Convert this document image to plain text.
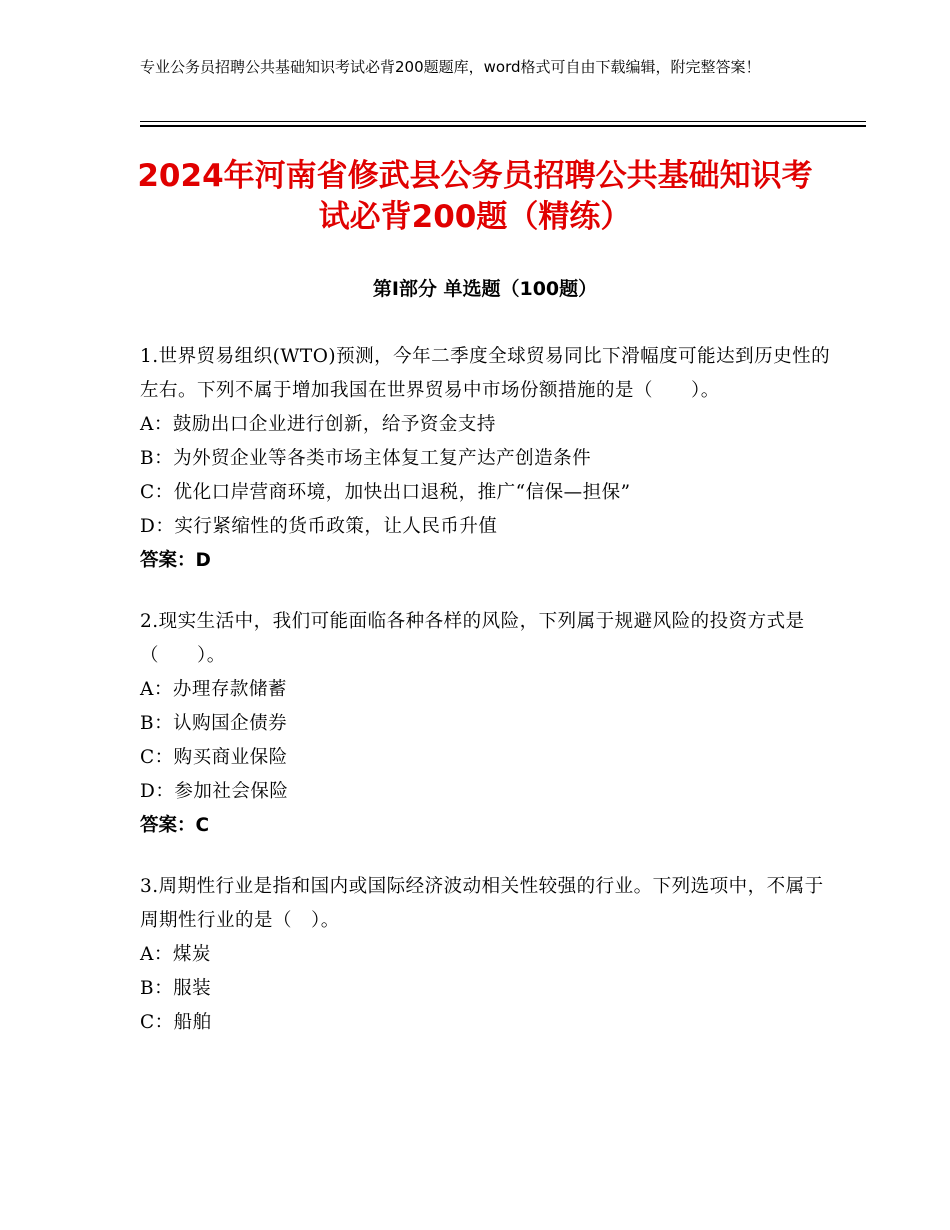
专业公务员招聘公共基础知识考试必背200题题库，word格式可自由下载编辑，附完整答案！
2024年河南省修武县公务员招聘公共基础知识考试必背200题（精练）
第Ⅰ部分 单选题（100题）

1.世界贸易组织(WTO)预测，今年二季度全球贸易同比下滑幅度可能达到历史性的左右。下列不属于增加我国在世界贸易中市场份额措施的是（　　）。

A：鼓励出口企业进行创新，给予资金支持

B：为外贸企业等各类市场主体复工复产达产创造条件

C：优化口岸营商环境，加快出口退税，推广“信保—担保”

D：实行紧缩性的货币政策，让人民币升值

答案：D

2.现实生活中，我们可能面临各种各样的风险，下列属于规避风险的投资方式是（　　）。

A：办理存款储蓄

B：认购国企债券

C：购买商业保险

D：参加社会保险

答案：C

3.周期性行业是指和国内或国际经济波动相关性较强的行业。下列选项中，不属于周期性行业的是（　）。

A：煤炭

B：服装

C：船舶
